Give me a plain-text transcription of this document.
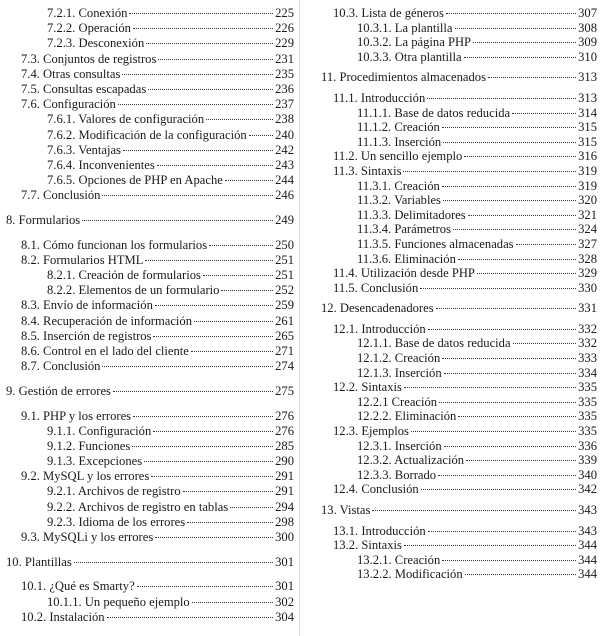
7.2.1. Conexión	225
7.2.2. Operación	226
7.2.3. Desconexión	229
7.3. Conjuntos de registros	231
7.4. Otras consultas	235
7.5. Consultas escapadas	236
7.6. Configuración	237
7.6.1. Valores de configuración	238
7.6.2. Modificación de la configuración 240
7.6.3. Ventajas	242
7.6.4. Inconvenientes	243
7.6.5. Opciones de PHP en Apache	244
7.7. Conclusión	246
8. Formularios	249
8.1. Cómo funcionan los formularios	250
8.2. Formularios HTML	251
8.2.1. Creación de formularios	251
8.2.2. Elementos de un formulario	252
8.3. Envío de información	259
8.4. Recuperación de información	261
8.5. Inserción de registros	265
8.6. Control en el lado del cliente	271
8.7. Conclusión	274
9. Gestión de errores	275
9.1. PHP y los errores	276
9.1.1. Configuración	276
9.1.2. Funciones	285
9.1.3. Excepciones	290
9.2. MySQL y los errores	291
9.2.1. Archivos de registro	291
9.2.2. Archivos de registro en tablas	294
9.2.3. Idioma de los errores	298
9.3. MySQLi y los errores	300
10. Plantillas	301
10.1. ¿Qué es Smarty?	301
10.1.1. Un pequeño ejemplo	302
10.2. Instalación	304
10.3. Lista de géneros	307
10.3.1. La plantilla	308
10.3.2. La página PHP	309
10.3.3. Otra plantilla	310
11. Procedimientos almacenados	313
11.1. Introducción	313
11.1.1. Base de datos reducida	314
11.1.2. Creación	315
11.1.3. Inserción	315
11.2. Un sencillo ejemplo	316
11.3. Sintaxis	319
11.3.1. Creación	319
11.3.2. Variables	320
11.3.3. Delimitadores	321
11.3.4. Parámetros	324
11.3.5. Funciones almacenadas	327
11.3.6. Eliminación	328
11.4. Utilización desde PHP	329
11.5. Conclusión	330
12. Desencadenadores	331
12.1. Introducción	332
12.1.1. Base de datos reducida	332
12.1.2. Creación	333
12.1.3. Inserción	334
12.2. Sintaxis	335
12.2.1 Creación	335
12.2.2. Eliminación	335
12.3. Ejemplos	335
12.3.1. Inserción	336
12.3.2. Actualización	339
12.3.3. Borrado	340
12.4. Conclusión	342
13. Vistas	343
13.1. Introducción	343
13.2. Sintaxis	344
13.2.1. Creación	344
13.2.2. Modificación	344
